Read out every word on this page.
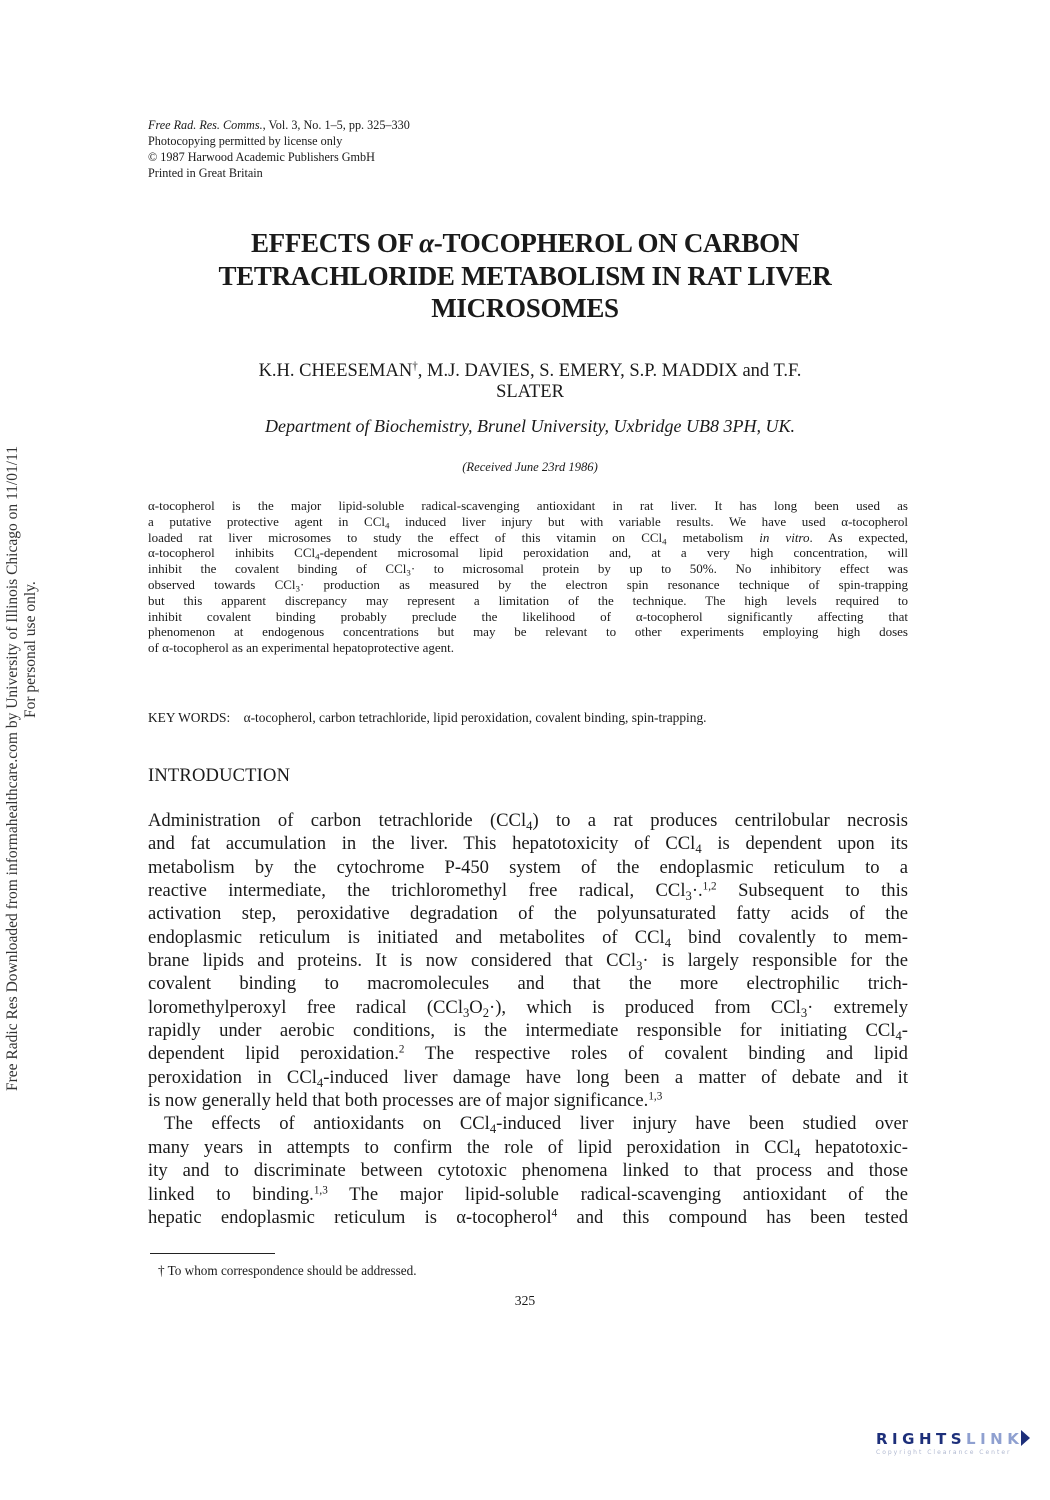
Free Radic Res Downloaded from informahealthcare.com by University of Illinois Chicago on 11/01/11 For personal use only.
Free Rad. Res. Comms., Vol. 3, No. 1–5, pp. 325–330
Photocopying permitted by license only
© 1987 Harwood Academic Publishers GmbH
Printed in Great Britain
EFFECTS OF α-TOCOPHEROL ON CARBON
TETRACHLORIDE METABOLISM IN RAT LIVER
MICROSOMES
K.H. CHEESEMAN†, M.J. DAVIES, S. EMERY, S.P. MADDIX and T.F.
SLATER
Department of Biochemistry, Brunel University, Uxbridge UB8 3PH, UK.
(Received June 23rd 1986)
α-tocopherol is the major lipid-soluble radical-scavenging antioxidant in rat liver. It has long been used as
a putative protective agent in CCl$_4$ induced liver injury but with variable results. We have used α-tocopherol
loaded rat liver microsomes to study the effect of this vitamin on CCl$_4$ metabolism in vitro. As expected,
α-tocopherol inhibits CCl$_4$-dependent microsomal lipid peroxidation and, at a very high concentration, will
inhibit the covalent binding of CCl$_3$· to microsomal protein by up to 50%. No inhibitory effect was
observed towards CCl$_3$· production as measured by the electron spin resonance technique of spin-trapping
but this apparent discrepancy may represent a limitation of the technique. The high levels required to
inhibit covalent binding probably preclude the likelihood of α-tocopherol significantly affecting that
phenomenon at endogenous concentrations but may be relevant to other experiments employing high doses
of α-tocopherol as an experimental hepatoprotective agent.
KEY WORDS: α-tocopherol, carbon tetrachloride, lipid peroxidation, covalent binding, spin-trapping.
INTRODUCTION
Administration of carbon tetrachloride (CCl$_4$) to a rat produces centrilobular necrosis
and fat accumulation in the liver. This hepatotoxicity of CCl$_4$ is dependent upon its
metabolism by the cytochrome P-450 system of the endoplasmic reticulum to a
reactive intermediate, the trichloromethyl free radical, CCl$_3$·.$^{1,2}$ Subsequent to this
activation step, peroxidative degradation of the polyunsaturated fatty acids of the
endoplasmic reticulum is initiated and metabolites of CCl$_4$ bind covalently to mem-
brane lipids and proteins. It is now considered that CCl$_3$· is largely responsible for the
covalent binding to macromolecules and that the more electrophilic trich-
loromethylperoxyl free radical $(CCl_3O_2\cdot)$, which is produced from CCl$_3$· extremely
rapidly under aerobic conditions, is the intermediate responsible for initiating CCl$_4$-
dependent lipid peroxidation.$^2$ The respective roles of covalent binding and lipid
peroxidation in CCl$_4$-induced liver damage have long been a matter of debate and it
is now generally held that both processes are of major significance.$^{1,3}$
The effects of antioxidants on CCl$_4$-induced liver injury have been studied over
many years in attempts to confirm the role of lipid peroxidation in CCl$_4$ hepatotoxic-
ity and to discriminate between cytotoxic phenomena linked to that process and those
linked to binding.$^{1,3}$ The major lipid-soluble radical-scavenging antioxidant of the
hepatic endoplasmic reticulum is α-tocopherol$^4$ and this compound has been tested
† To whom correspondence should be addressed.
325
RIGHTSLINK
Copyright Clearance Center
